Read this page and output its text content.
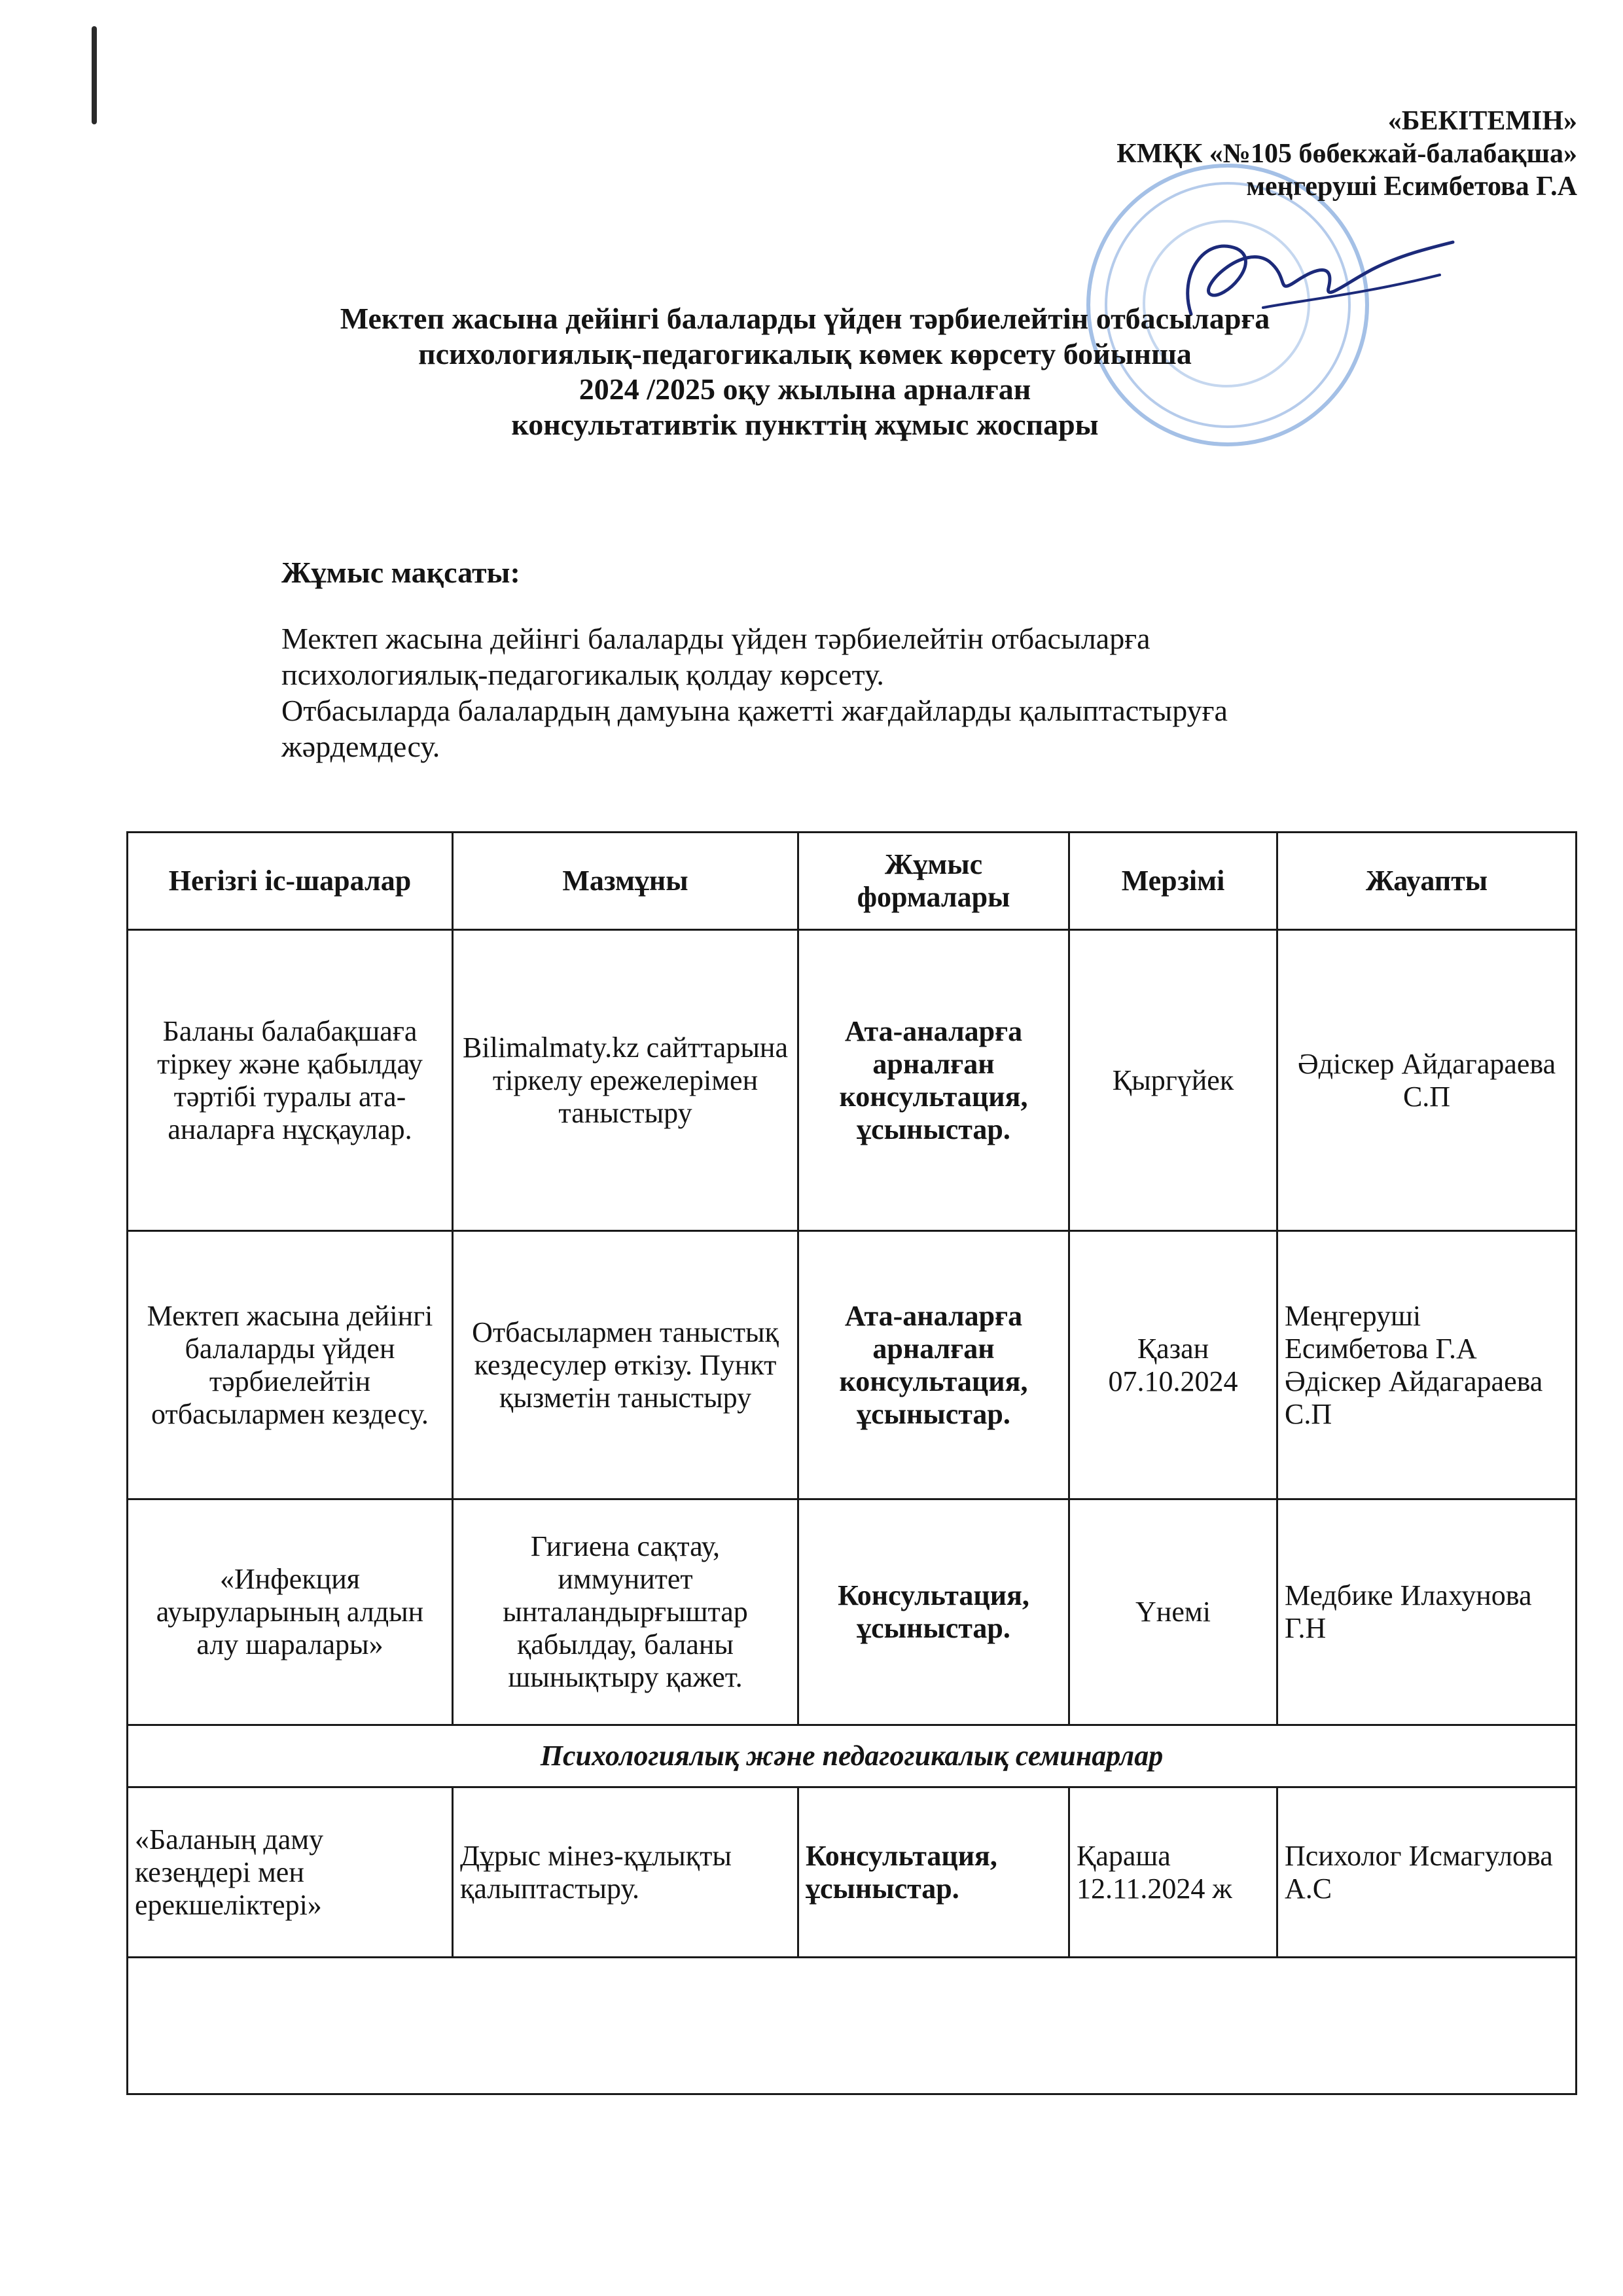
«БЕКІТЕМІН»
КМҚК «№105 бөбекжай-балабақша»
меңгеруші Есимбетова Г.А
Мектеп жасына дейінгі балаларды үйден тәрбиелейтін отбасыларға
психологиялық-педагогикалық көмек көрсету бойынша
2024 /2025 оқу жылына арналған
консультативтік пункттің жұмыс жоспары
Жұмыс мақсаты:
Мектеп жасына дейінгі балаларды үйден тәрбиелейтін отбасыларға
психологиялық-педагогикалық қолдау көрсету.
Отбасыларда балалардың дамуына қажетті жағдайларды қалыптастыруға
жәрдемдесу.
Негізгі іс-шаралар	Мазмұны	Жұмыс формалары	Мерзімі	Жауапты
Баланы балабақшаға тіркеу және қабылдау тәртібі туралы ата-аналарға нұсқаулар.	Bilimalmaty.kz сайттарына тіркелу ережелерімен таныстыру	Ата-аналарға арналған консультация, ұсыныстар.	Қыргүйек	Әдіскер Айдагараева С.П
Мектеп жасына дейінгі балаларды үйден тәрбиелейтін отбасылармен кездесу.	Отбасылармен таныстық кездесулер өткізу. Пункт қызметін таныстыру	Ата-аналарға арналған консультация, ұсыныстар.	Қазан 07.10.2024	Меңгеруші Есимбетова Г.А Әдіскер Айдагараева С.П
«Инфекция ауыруларының алдын алу шаралары»	Гигиена сақтау, иммунитет ынталандырғыштар қабылдау, баланы шынықтыру қажет.	Консультация, ұсыныстар.	Үнемі	Медбике Илахунова Г.Н
Психологиялық және педагогикалық семинарлар				
«Баланың даму кезеңдері мен ерекшеліктері»	Дұрыс мінез-құлықты қалыптастыру.	Консультация, ұсыныстар.	Қараша 12.11.2024 ж	Психолог Исмагулова А.С
